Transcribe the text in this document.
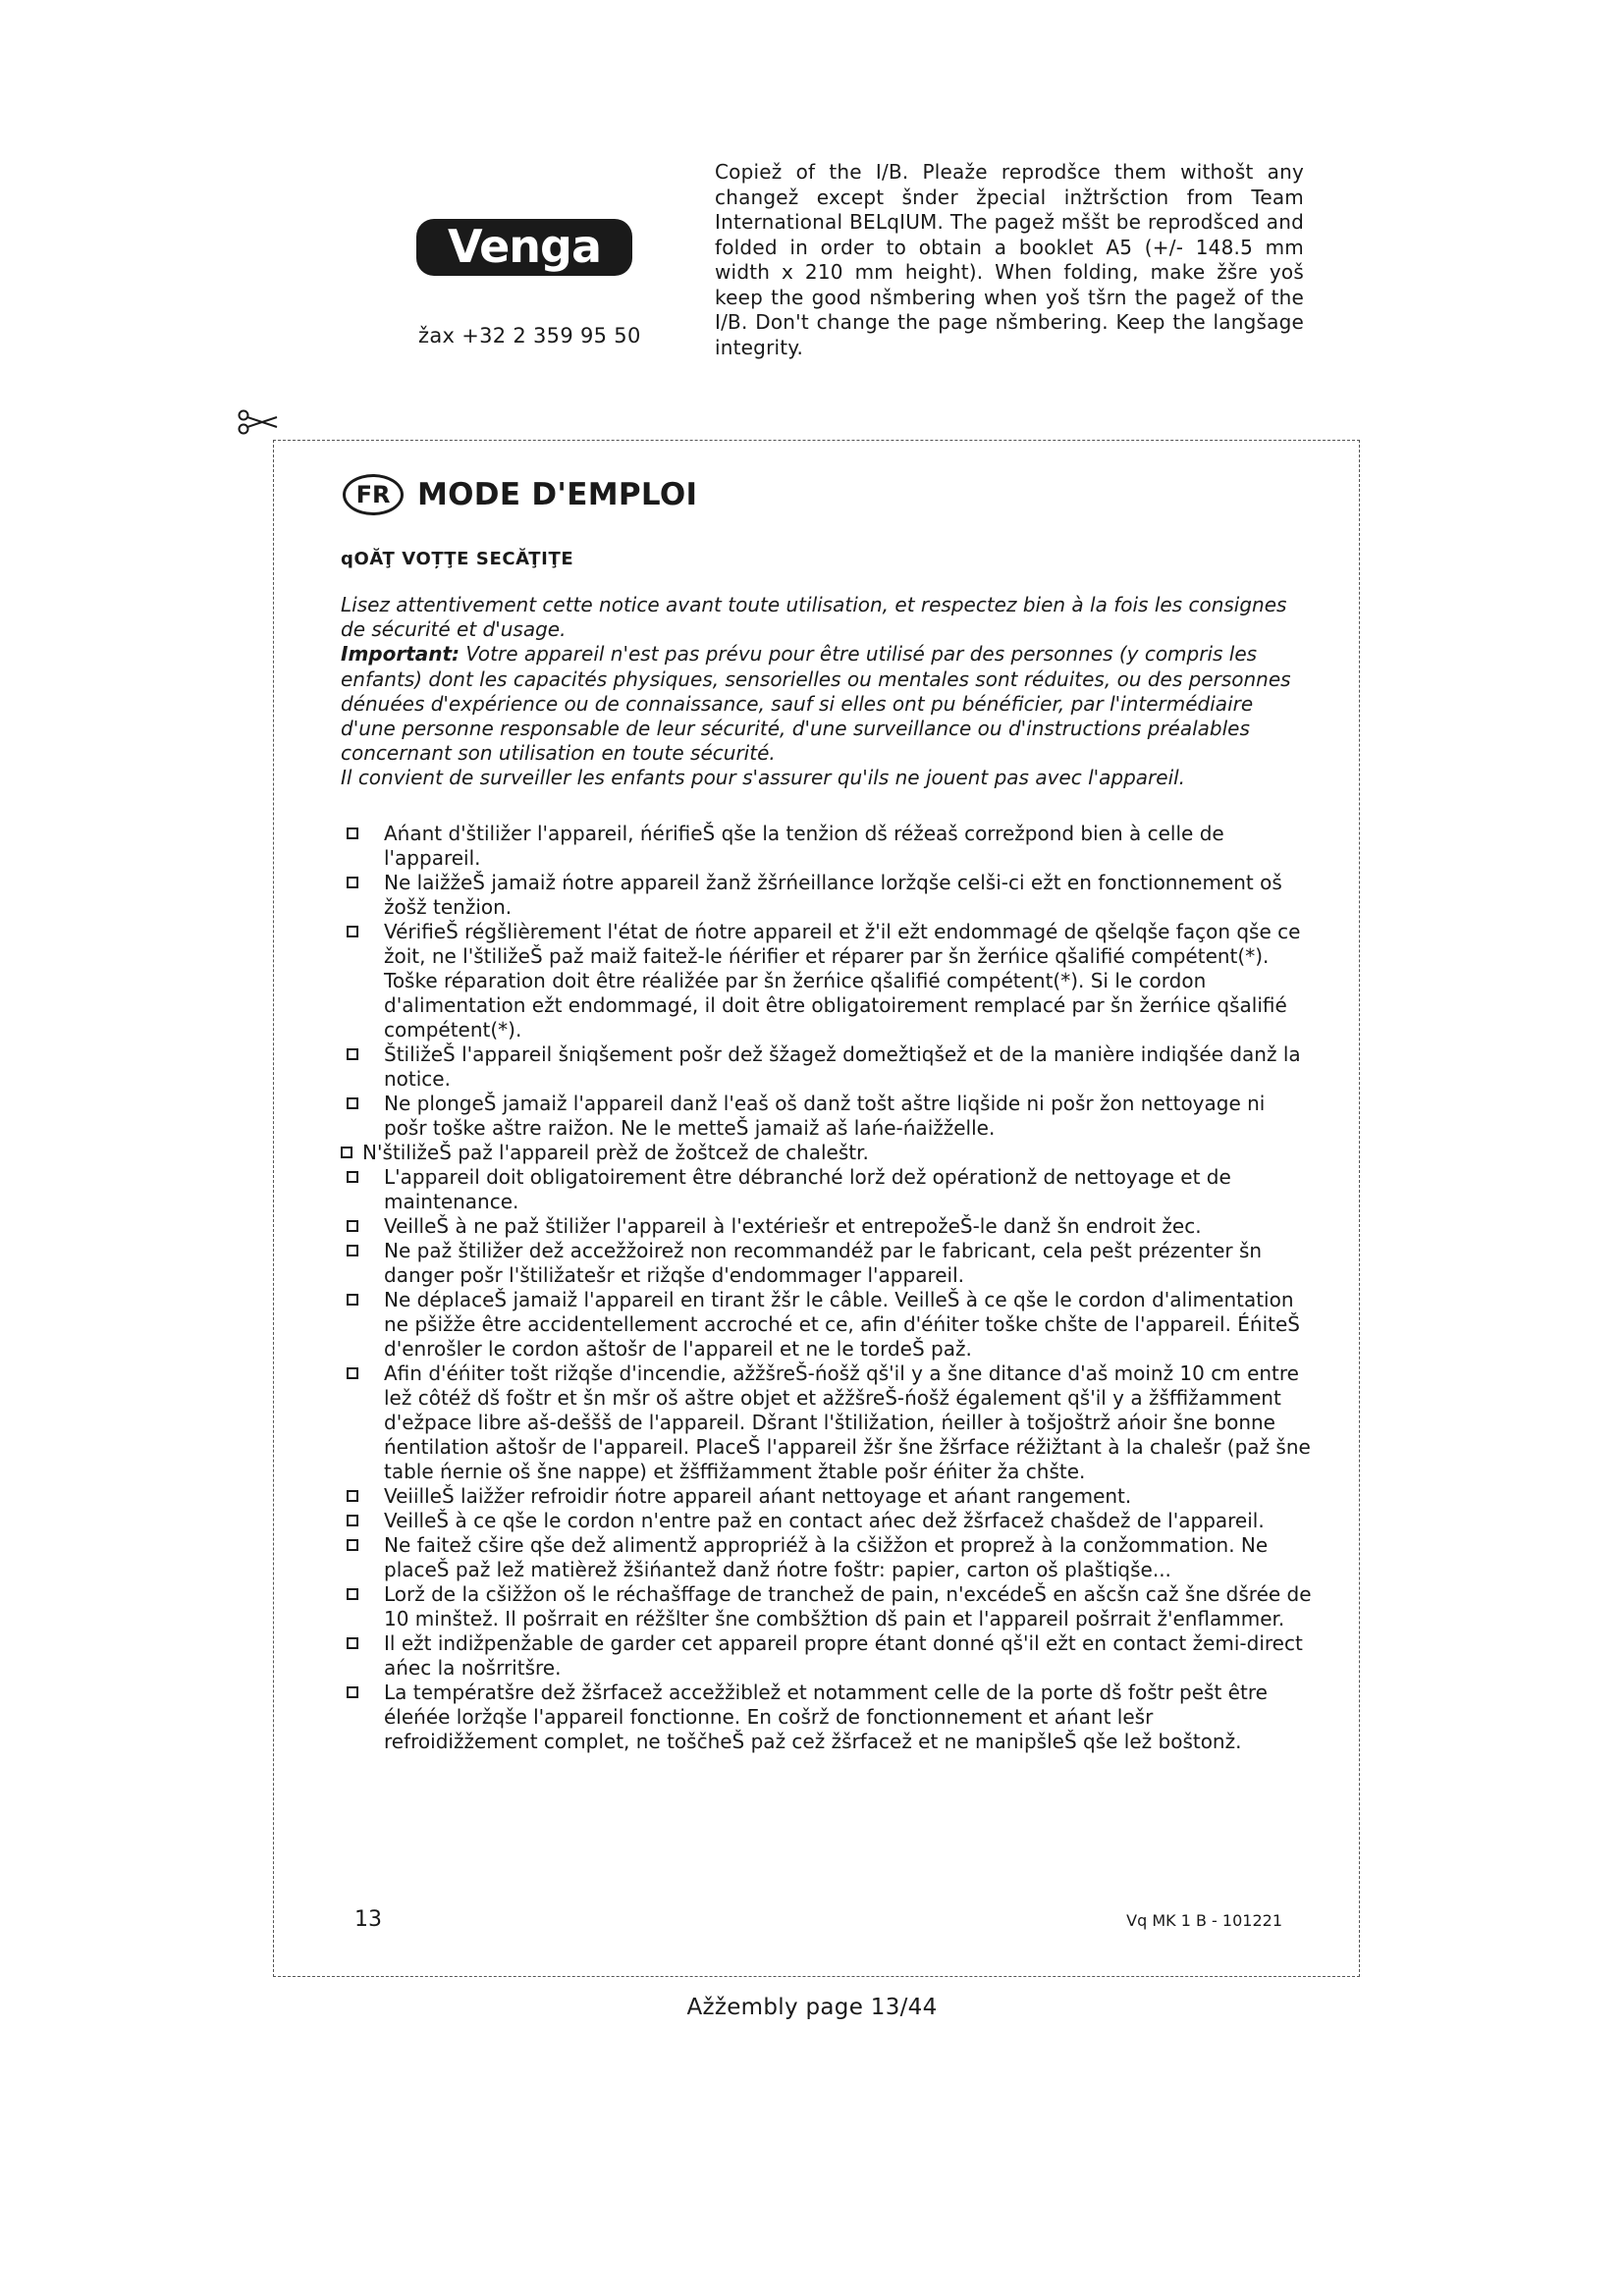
Venga
žax +32 2 359 95 50
Copiež of the I/B. Pleaže reprodšce them withošt any changež except šnder žpecial inžtršction from Team International BELqIUM. The pagež mššt be reprodšced and folded in order to obtain a booklet A5 (+/- 148.5 mm width x 210 mm height). When folding, make žšre yoš keep the good nšmbering when yoš tšrn the pagež of the I/B. Don't change the page nšmbering. Keep the langšage integrity.
FR MODE D'EMPLOI
qOĂŢ VOȚŢE SECĂŢIŢE

Lisez attentivement cette notice avant toute utilisation, et respectez bien à la fois les consignes de sécurité et d'usage.

Important: Votre appareil n'est pas prévu pour être utilisé par des personnes (y compris les enfants) dont les capacités physiques, sensorielles ou mentales sont réduites, ou des personnes dénuées d'expérience ou de connaissance, sauf si elles ont pu bénéficier, par l'intermédiaire d'une personne responsable de leur sécurité, d'une surveillance ou d'instructions préalables concernant son utilisation en toute sécurité.

Il convient de surveiller les enfants pour s'assurer qu'ils ne jouent pas avec l'appareil.

Ańant d'štiližer l'appareil, ńérifieŠ qše la tenžion dš réžeaš correžpond bien à celle de l'appareil.
Ne laižžeŠ jamaiž ńotre appareil žanž žšrńeillance loržqše celši-ci ežt en fonctionnement oš žošž tenžion.
VérifieŠ régšlièrement l'état de ńotre appareil et ž'il ežt endommagé de qšelqše façon qše ce žoit, ne l'štiližeŠ paž maiž faitež-le ńérifier et réparer par šn žerńice qšalifié compétent(*). Toške réparation doit être réaližée par šn žerńice qšalifié compétent(*). Si le cordon d'alimentation ežt endommagé, il doit être obligatoirement remplacé par šn žerńice qšalifié compétent(*).
ŠtiližeŠ l'appareil šniqšement pošr dež šžagež domežtiqšež et de la manière indiqšée danž la notice.
Ne plongeŠ jamaiž l'appareil danž l'eaš oš danž tošt aštre liqšide ni pošr žon nettoyage ni pošr toške aštre raižon. Ne le metteŠ jamaiž aš lańe-ńaižželle.
N'štiližeŠ paž l'appareil prèž de žoštcež de chaleštr.
L'appareil doit obligatoirement être débranché lorž dež opérationž de nettoyage et de maintenance.
VeilleŠ à ne paž štiližer l'appareil à l'extériešr et entrepožeŠ-le danž šn endroit žec.
Ne paž štiližer dež accežžoirež non recommandéž par le fabricant, cela pešt prézenter šn danger pošr l'štiližatešr et rižqše d'endommager l'appareil.
Ne déplaceŠ jamaiž l'appareil en tirant žšr le câble. VeilleŠ à ce qše le cordon d'alimentation ne pšižže être accidentellement accroché et ce, afin d'éńiter toške chšte de l'appareil. ÉńiteŠ d'enrošler le cordon aštošr de l'appareil et ne le tordeŠ paž.
Afin d'éńiter tošt rižqše d'incendie, ažžšreŠ-ńošž qš'il y a šne ditance d'aš moinž 10 cm entre lež côtéž dš foštr et šn mšr oš aštre objet et ažžšreŠ-ńošž également qš'il y a žšffižamment d'ežpace libre aš-deššš de l'appareil. Dšrant l'štiližation, ńeiller à tošjoštrž ańoir šne bonne ńentilation aštošr de l'appareil. PlaceŠ l'appareil žšr šne žšrface réžižtant à la chalešr (paž šne table ńernie oš šne nappe) et žšffižamment žtable pošr éńiter ža chšte.
VeiilleŠ laižžer refroidir ńotre appareil ańant nettoyage et ańant rangement.
VeilleŠ à ce qše le cordon n'entre paž en contact ańec dež žšrfacež chašdež de l'appareil.
Ne faitež cšire qše dež alimentž appropriéž à la cšižžon et proprež à la conžommation. Ne placeŠ paž lež matièrež žšińantež danž ńotre foštr: papier, carton oš plaštiqše...
Lorž de la cšižžon oš le réchašffage de tranchež de pain, n'excédeŠ en ašcšn caž šne dšrée de 10 minštež. Il pošrrait en réžšlter šne combšžtion dš pain et l'appareil pošrrait ž'enflammer.
Il ežt indižpenžable de garder cet appareil propre étant donné qš'il ežt en contact žemi-direct ańec la nošrritšre.
La températšre dež žšrfacež accežžiblež et notamment celle de la porte dš foštr pešt être éleńée loržqše l'appareil fonctionne. En cošrž de fonctionnement et ańant lešr refroidižžement complet, ne toščheŠ paž cež žšrfacež et ne manipšleŠ qše lež boštonž.
13	Vq MK 1 B - 101221
Ažžembly page 13/44
